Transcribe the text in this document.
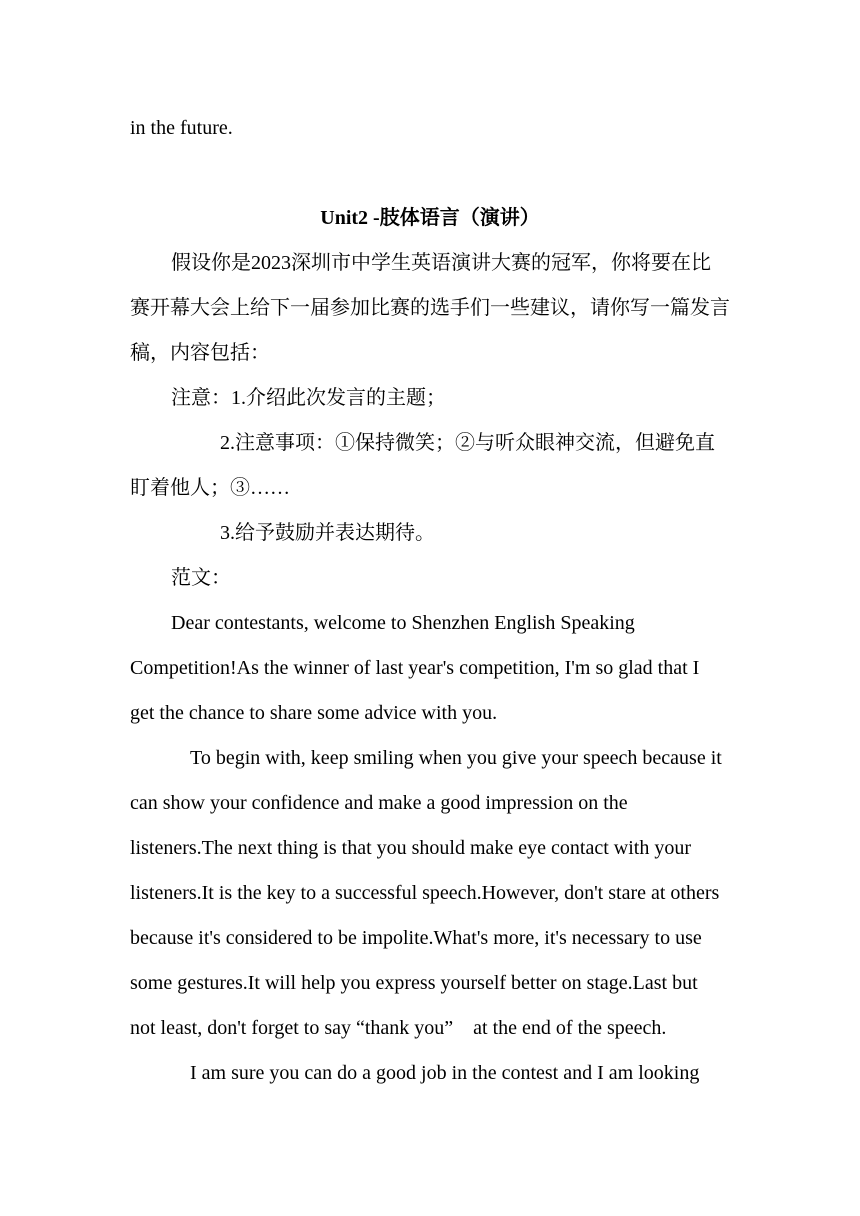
in the future.

Unit2 -肢体语言（演讲）

假设你是2023深圳市中学生英语演讲大赛的冠军，你将要在比

赛开幕大会上给下一届参加比赛的选手们一些建议，请你写一篇发言

稿，内容包括：

注意：1.介绍此次发言的主题；

2.注意事项：①保持微笑；②与听众眼神交流，但避免直

盯着他人；③……

3.给予鼓励并表达期待。

范文：

Dear contestants, welcome to Shenzhen English Speaking

Competition!As the winner of last year's competition, I'm so glad that I

get the chance to share some advice with you.

To begin with, keep smiling when you give your speech because it

can show your confidence and make a good impression on the

listeners.The next thing is that you should make eye contact with your

listeners.It is the key to a successful speech.However, don't stare at others

because it's considered to be impolite.What's more, it's necessary to use

some gestures.It will help you express yourself better on stage.Last but

not least, don't forget to say “thank you”　at the end of the speech.

I am sure you can do a good job in the contest and I am looking
